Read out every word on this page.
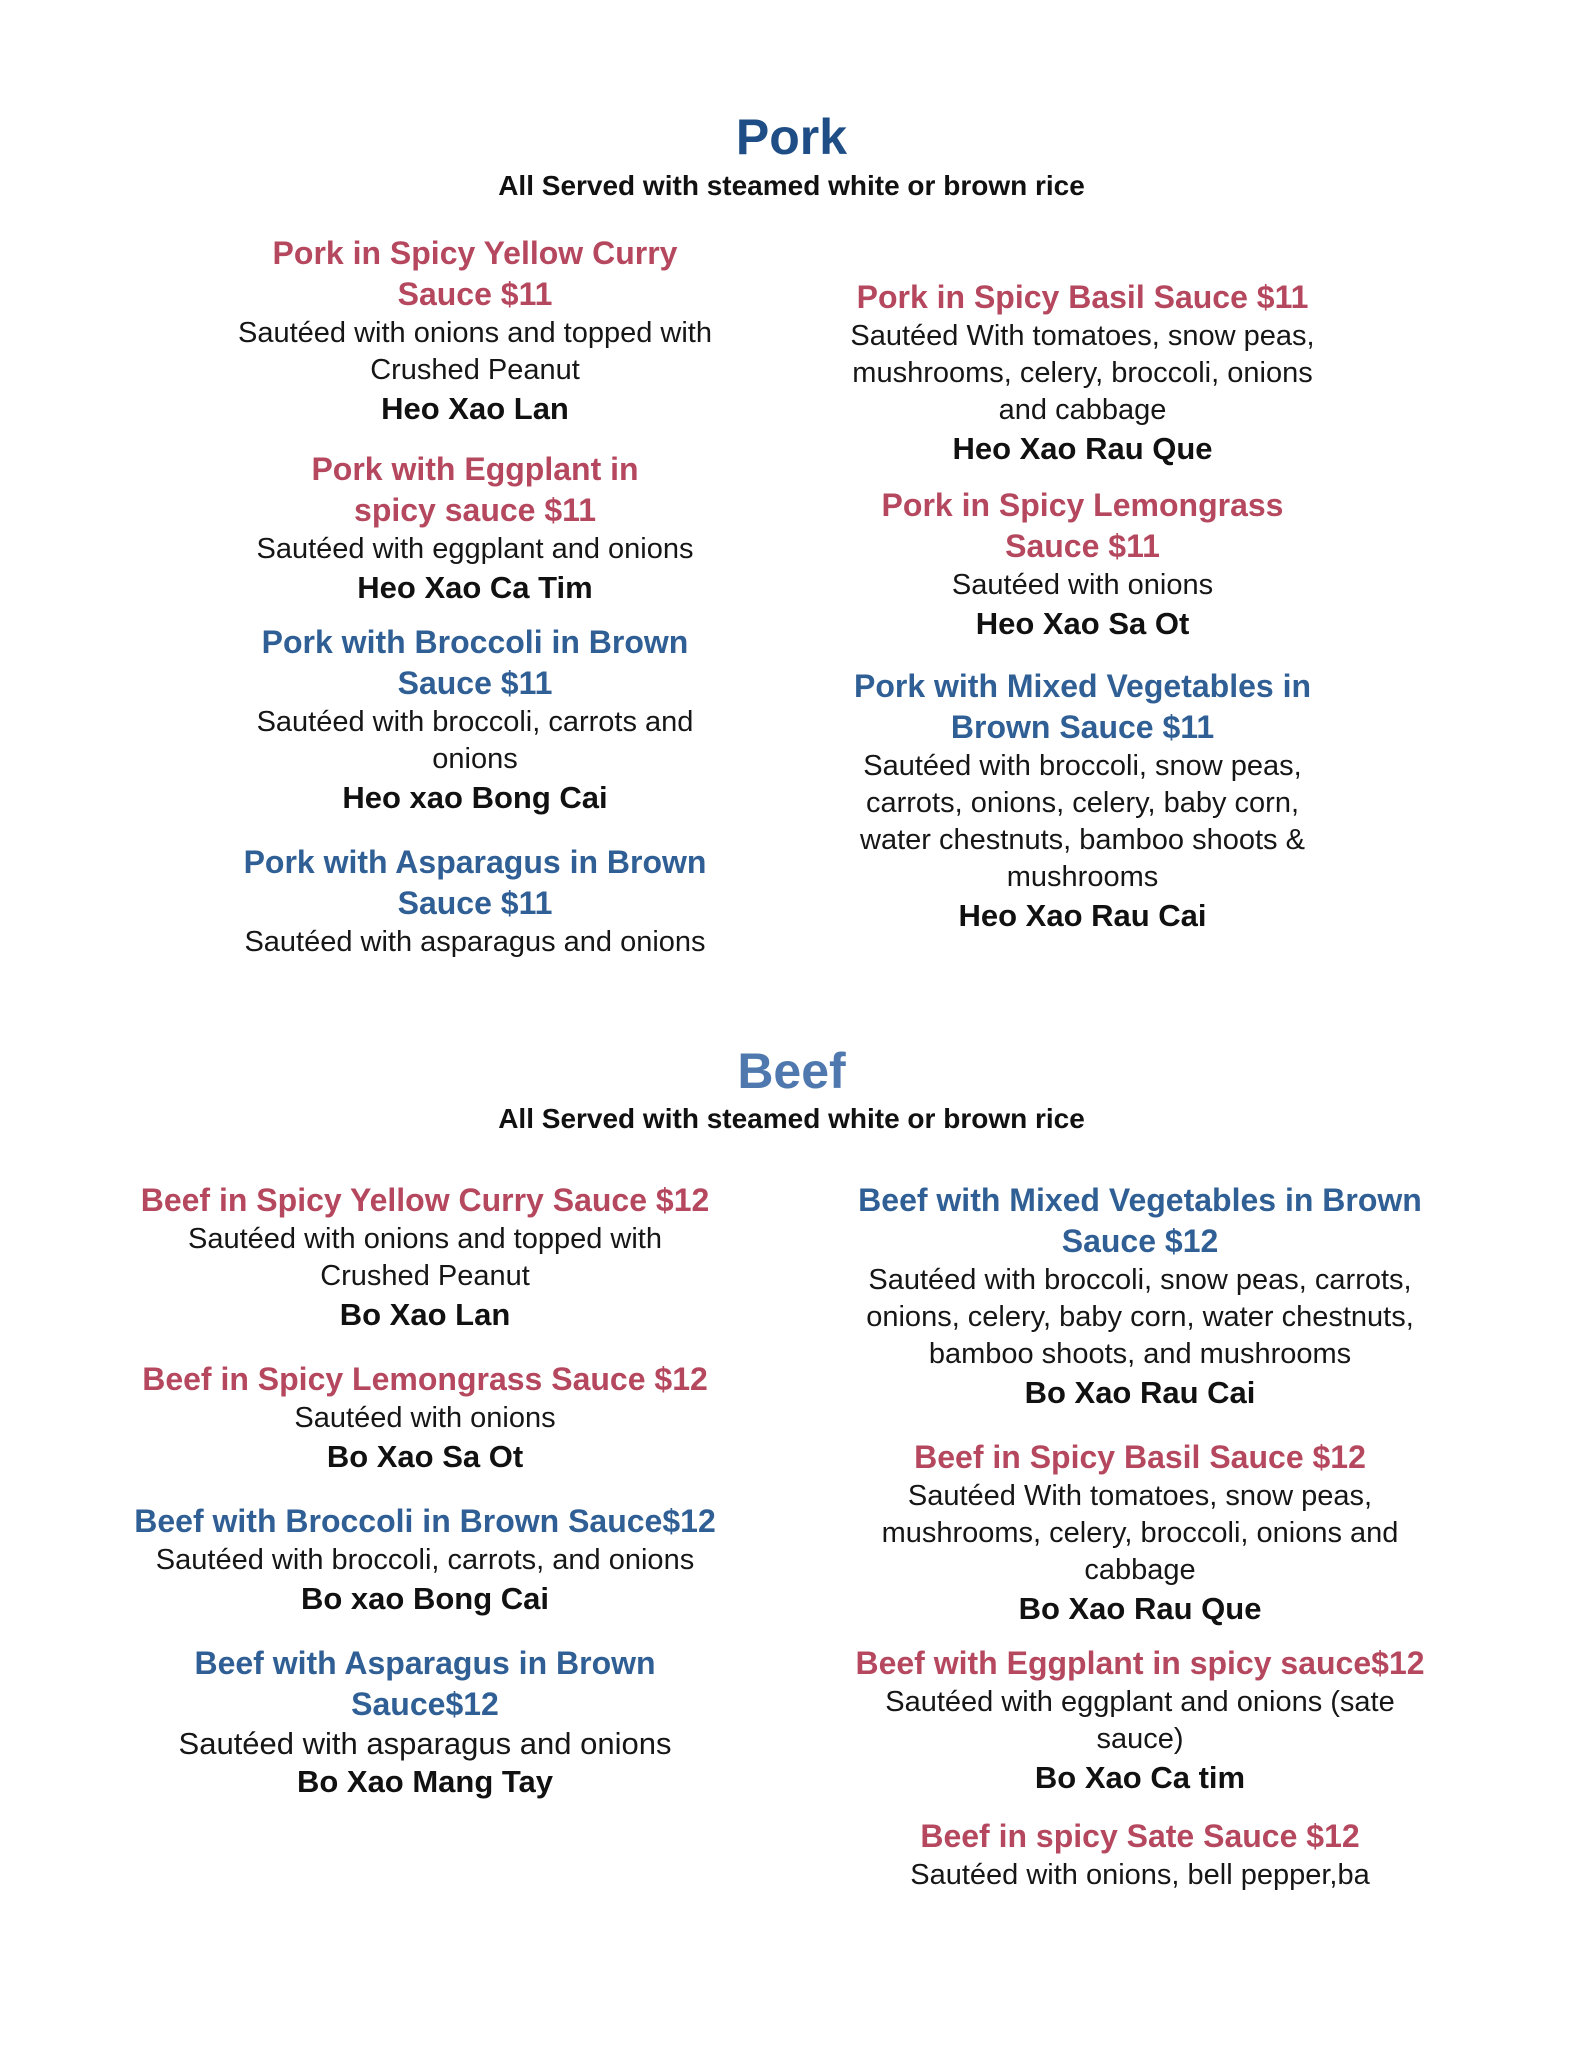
Pork
All Served with steamed white or brown rice
Pork in Spicy Yellow Curry Sauce $11
Sautéed with onions and topped with Crushed Peanut
Heo Xao Lan
Pork with Eggplant in spicy sauce $11
Sautéed with eggplant and onions
Heo Xao Ca Tim
Pork with Broccoli in Brown Sauce $11
Sautéed with broccoli, carrots and onions
Heo xao Bong Cai
Pork with Asparagus in Brown Sauce $11
Sautéed with asparagus and onions
Pork in Spicy Basil Sauce $11
Sautéed With tomatoes, snow peas, mushrooms, celery, broccoli, onions and cabbage
Heo Xao Rau Que
Pork in Spicy Lemongrass Sauce $11
Sautéed with onions
Heo Xao Sa Ot
Pork with Mixed Vegetables in Brown Sauce $11
Sautéed with broccoli, snow peas, carrots, onions, celery, baby corn, water chestnuts, bamboo shoots & mushrooms
Heo Xao Rau Cai
Beef
All Served with steamed white or brown rice
Beef in Spicy Yellow Curry Sauce $12
Sautéed with onions and topped with Crushed Peanut
Bo Xao Lan
Beef in Spicy Lemongrass Sauce $12
Sautéed with onions
Bo Xao Sa Ot
Beef with Broccoli in Brown Sauce$12
Sautéed with broccoli, carrots, and onions
Bo xao Bong Cai
Beef with Asparagus in Brown Sauce$12
Sautéed with asparagus and onions
Bo Xao Mang Tay
Beef with Mixed Vegetables in Brown Sauce $12
Sautéed with broccoli, snow peas, carrots, onions, celery, baby corn, water chestnuts, bamboo shoots, and mushrooms
Bo Xao Rau Cai
Beef in Spicy Basil Sauce $12
Sautéed With tomatoes, snow peas, mushrooms, celery, broccoli, onions and cabbage
Bo Xao Rau Que
Beef with Eggplant in spicy sauce$12
Sautéed with eggplant and onions (sate sauce)
Bo Xao Ca tim
Beef in spicy Sate Sauce $12
Sautéed with onions, bell pepper,ba
